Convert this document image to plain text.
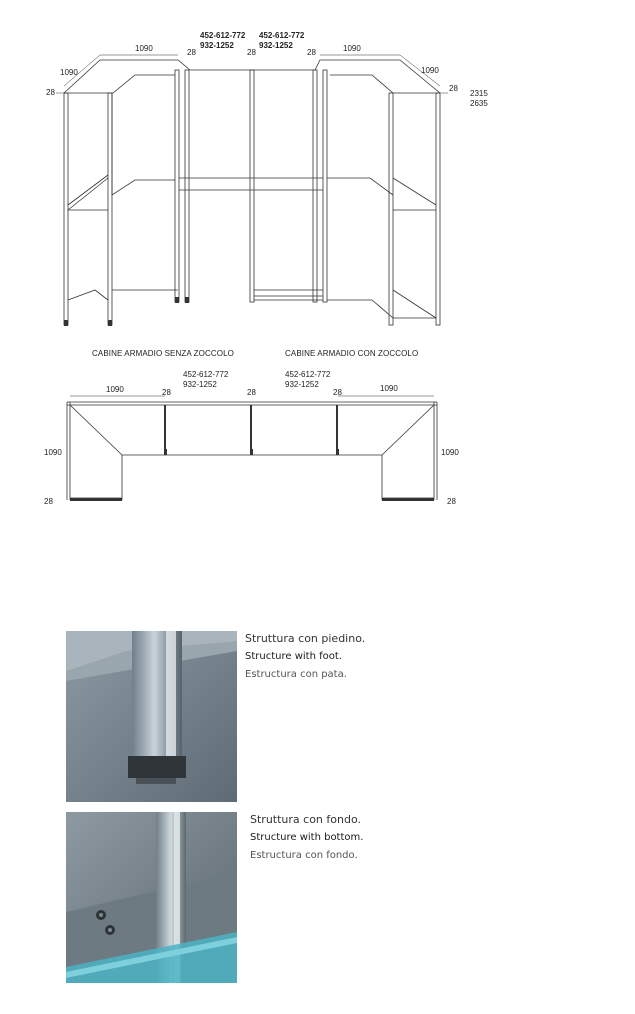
1090
1090
28
452-612-772
932-1252
28	28
452-612-772
932-1252
28	1090
1090
28
2315
2635
CABINE ARMADIO SENZA ZOCCOLO	CABINE ARMADIO CON ZOCCOLO
1090	28
452-612-772
932-1252
28
452-612-772
932-1252
28	1090
1090	1090
28	28
Struttura con piedino.
Structure with foot.
Estructura con pata.
Struttura con fondo.
Structure with bottom.
Estructura con fondo.
